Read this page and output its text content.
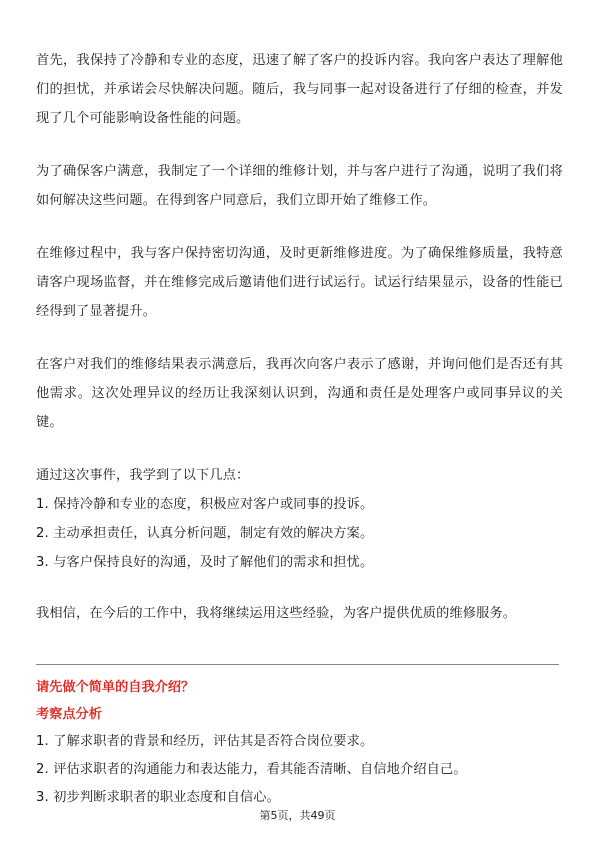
首先，我保持了冷静和专业的态度，迅速了解了客户的投诉内容。我向客户表达了理解他们的担忧，并承诺会尽快解决问题。随后，我与同事一起对设备进行了仔细的检查，并发现了几个可能影响设备性能的问题。

为了确保客户满意，我制定了一个详细的维修计划，并与客户进行了沟通，说明了我们将如何解决这些问题。在得到客户同意后，我们立即开始了维修工作。

在维修过程中，我与客户保持密切沟通，及时更新维修进度。为了确保维修质量，我特意请客户现场监督，并在维修完成后邀请他们进行试运行。试运行结果显示，设备的性能已经得到了显著提升。

在客户对我们的维修结果表示满意后，我再次向客户表示了感谢，并询问他们是否还有其他需求。这次处理异议的经历让我深刻认识到，沟通和责任是处理客户或同事异议的关键。

通过这次事件，我学到了以下几点：

1. 保持冷静和专业的态度，积极应对客户或同事的投诉。

2. 主动承担责任，认真分析问题，制定有效的解决方案。

3. 与客户保持良好的沟通，及时了解他们的需求和担忧。

我相信，在今后的工作中，我将继续运用这些经验，为客户提供优质的维修服务。

请先做个简单的自我介绍？

考察点分析

1. 了解求职者的背景和经历，评估其是否符合岗位要求。

2. 评估求职者的沟通能力和表达能力，看其能否清晰、自信地介绍自己。

3. 初步判断求职者的职业态度和自信心。

第5页，共49页
